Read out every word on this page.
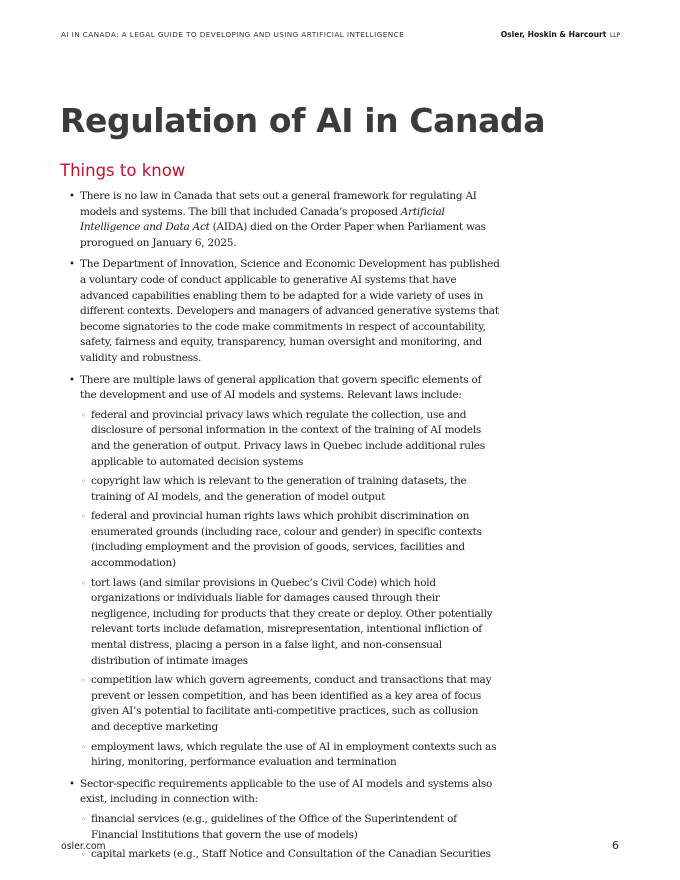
AI IN CANADA: A LEGAL GUIDE TO DEVELOPING AND USING ARTIFICIAL INTELLIGENCE	Osler, Hoskin & Harcourt LLP
Regulation of AI in Canada
Things to know
• There is no law in Canada that sets out a general framework for regulating AI models and systems. The bill that included Canada’s proposed Artificial Intelligence and Data Act (AIDA) died on the Order Paper when Parliament was prorogued on January 6, 2025.
• The Department of Innovation, Science and Economic Development has published a voluntary code of conduct applicable to generative AI systems that have advanced capabilities enabling them to be adapted for a wide variety of uses in different contexts. Developers and managers of advanced generative systems that become signatories to the code make commitments in respect of accountability, safety, fairness and equity, transparency, human oversight and monitoring, and validity and robustness.
• There are multiple laws of general application that govern specific elements of the development and use of AI models and systems. Relevant laws include:
◦ federal and provincial privacy laws which regulate the collection, use and disclosure of personal information in the context of the training of AI models and the generation of output. Privacy laws in Quebec include additional rules applicable to automated decision systems
◦ copyright law which is relevant to the generation of training datasets, the training of AI models, and the generation of model output
◦ federal and provincial human rights laws which prohibit discrimination on enumerated grounds (including race, colour and gender) in specific contexts (including employment and the provision of goods, services, facilities and accommodation)
◦ tort laws (and similar provisions in Quebec’s Civil Code) which hold organizations or individuals liable for damages caused through their negligence, including for products that they create or deploy. Other potentially relevant torts include defamation, misrepresentation, intentional infliction of mental distress, placing a person in a false light, and non-consensual distribution of intimate images
◦ competition law which govern agreements, conduct and transactions that may prevent or lessen competition, and has been identified as a key area of focus given AI’s potential to facilitate anti-competitive practices, such as collusion and deceptive marketing
◦ employment laws, which regulate the use of AI in employment contexts such as hiring, monitoring, performance evaluation and termination
• Sector-specific requirements applicable to the use of AI models and systems also exist, including in connection with:
◦ financial services (e.g., guidelines of the Office of the Superintendent of Financial Institutions that govern the use of models)
◦ capital markets (e.g., Staff Notice and Consultation of the Canadian Securities
osler.com	6
